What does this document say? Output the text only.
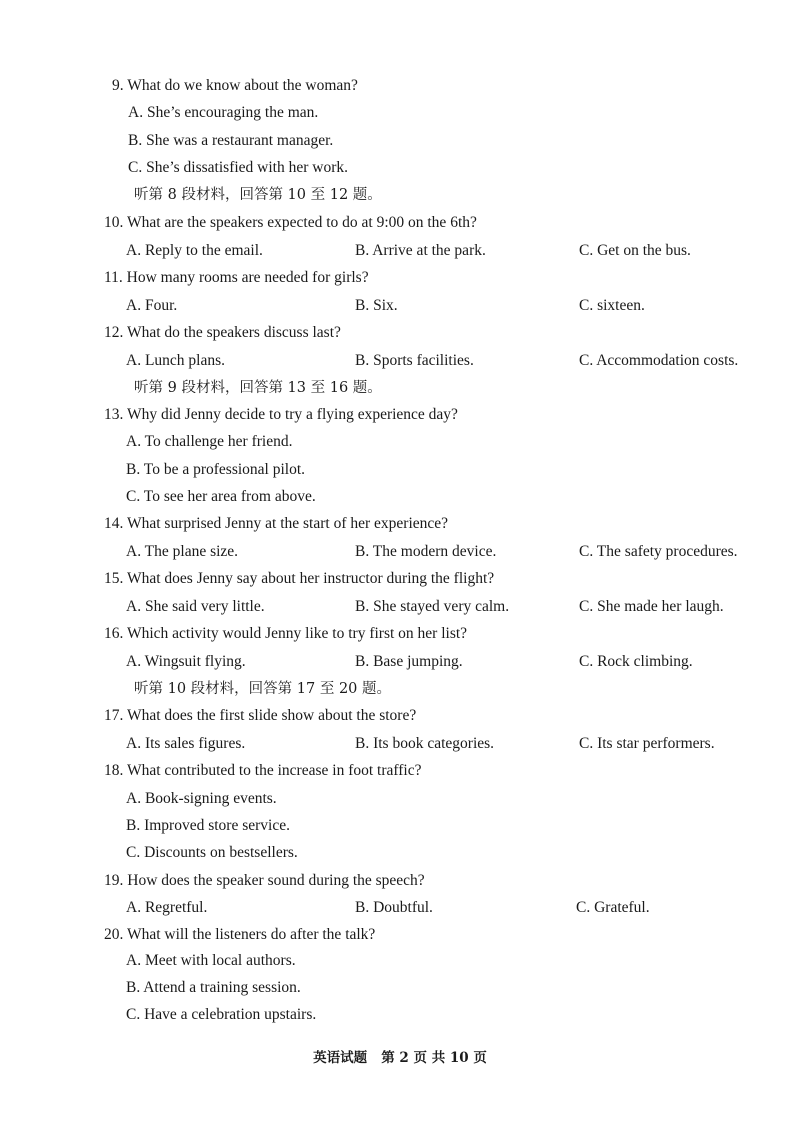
9. What do we know about the woman?
A. She’s encouraging the man.
B. She was a restaurant manager.
C. She’s dissatisfied with her work.
听第 8 段材料，回答第 10 至 12 题。
10. What are the speakers expected to do at 9:00 on the 6th?
A. Reply to the email.	B. Arrive at the park.	C. Get on the bus.
11. How many rooms are needed for girls?
A. Four.	B. Six.	C. sixteen.
12. What do the speakers discuss last?
A. Lunch plans.	B. Sports facilities.	C. Accommodation costs.
听第 9 段材料，回答第 13 至 16 题。
13. Why did Jenny decide to try a flying experience day?
A. To challenge her friend.
B. To be a professional pilot.
C. To see her area from above.
14. What surprised Jenny at the start of her experience?
A. The plane size.	B. The modern device.	C. The safety procedures.
15. What does Jenny say about her instructor during the flight?
A. She said very little.	B. She stayed very calm.	C. She made her laugh.
16. Which activity would Jenny like to try first on her list?
A. Wingsuit flying.	B. Base jumping.	C. Rock climbing.
听第 10 段材料，回答第 17 至 20 题。
17. What does the first slide show about the store?
A. Its sales figures.	B. Its book categories.	C. Its star performers.
18. What contributed to the increase in foot traffic?
A. Book-signing events.
B. Improved store service.
C. Discounts on bestsellers.
19. How does the speaker sound during the speech?
A. Regretful.	B. Doubtful.	C. Grateful.
20. What will the listeners do after the talk?
A. Meet with local authors.
B. Attend a training session.
C. Have a celebration upstairs.
英语试题   第 2 页 共 10 页
